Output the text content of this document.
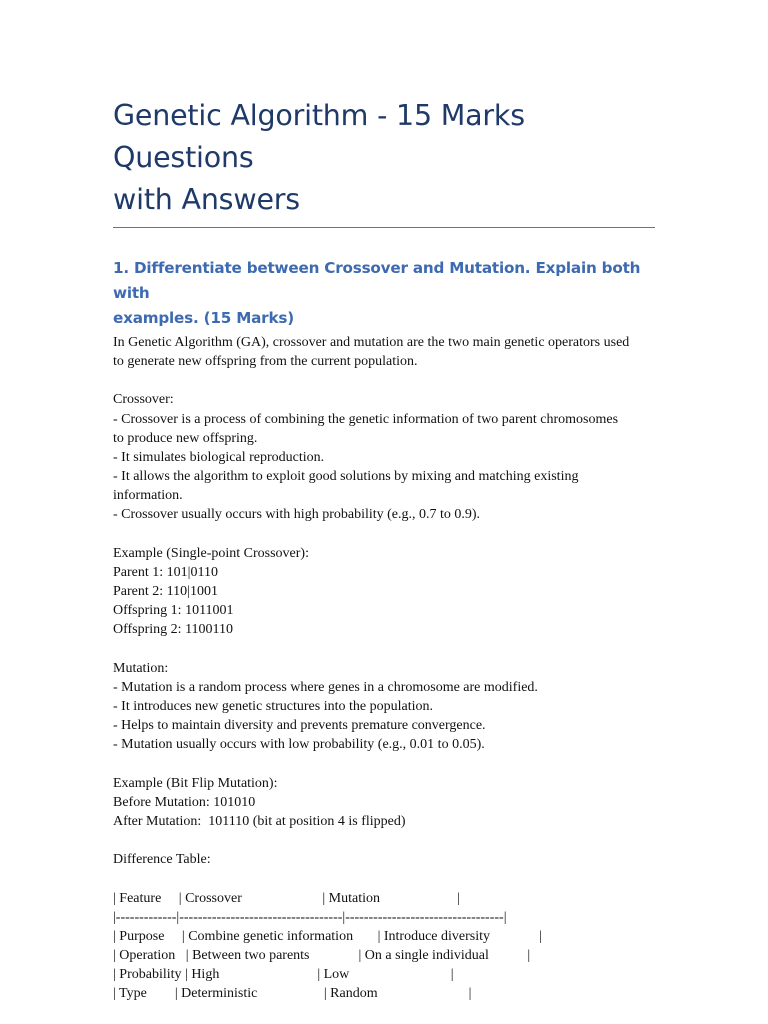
Genetic Algorithm - 15 Marks Questions
with Answers
1. Differentiate between Crossover and Mutation. Explain both with
examples. (15 Marks)
In Genetic Algorithm (GA), crossover and mutation are the two main genetic operators used
to generate new offspring from the current population.

Crossover:
- Crossover is a process of combining the genetic information of two parent chromosomes
to produce new offspring.
- It simulates biological reproduction.
- It allows the algorithm to exploit good solutions by mixing and matching existing
information.
- Crossover usually occurs with high probability (e.g., 0.7 to 0.9).

Example (Single-point Crossover):
Parent 1: 101|0110
Parent 2: 110|1001
Offspring 1: 1011001
Offspring 2: 1100110

Mutation:
- Mutation is a random process where genes in a chromosome are modified.
- It introduces new genetic structures into the population.
- Helps to maintain diversity and prevents premature convergence.
- Mutation usually occurs with low probability (e.g., 0.01 to 0.05).

Example (Bit Flip Mutation):
Before Mutation: 101010
After Mutation:  101110 (bit at position 4 is flipped)

Difference Table:

| Feature     | Crossover                       | Mutation                      |
|-------------|-----------------------------------|----------------------------------|
| Purpose     | Combine genetic information       | Introduce diversity              |
| Operation   | Between two parents              | On a single individual           |
| Probability | High                            | Low                             |
| Type        | Deterministic                   | Random                          |
